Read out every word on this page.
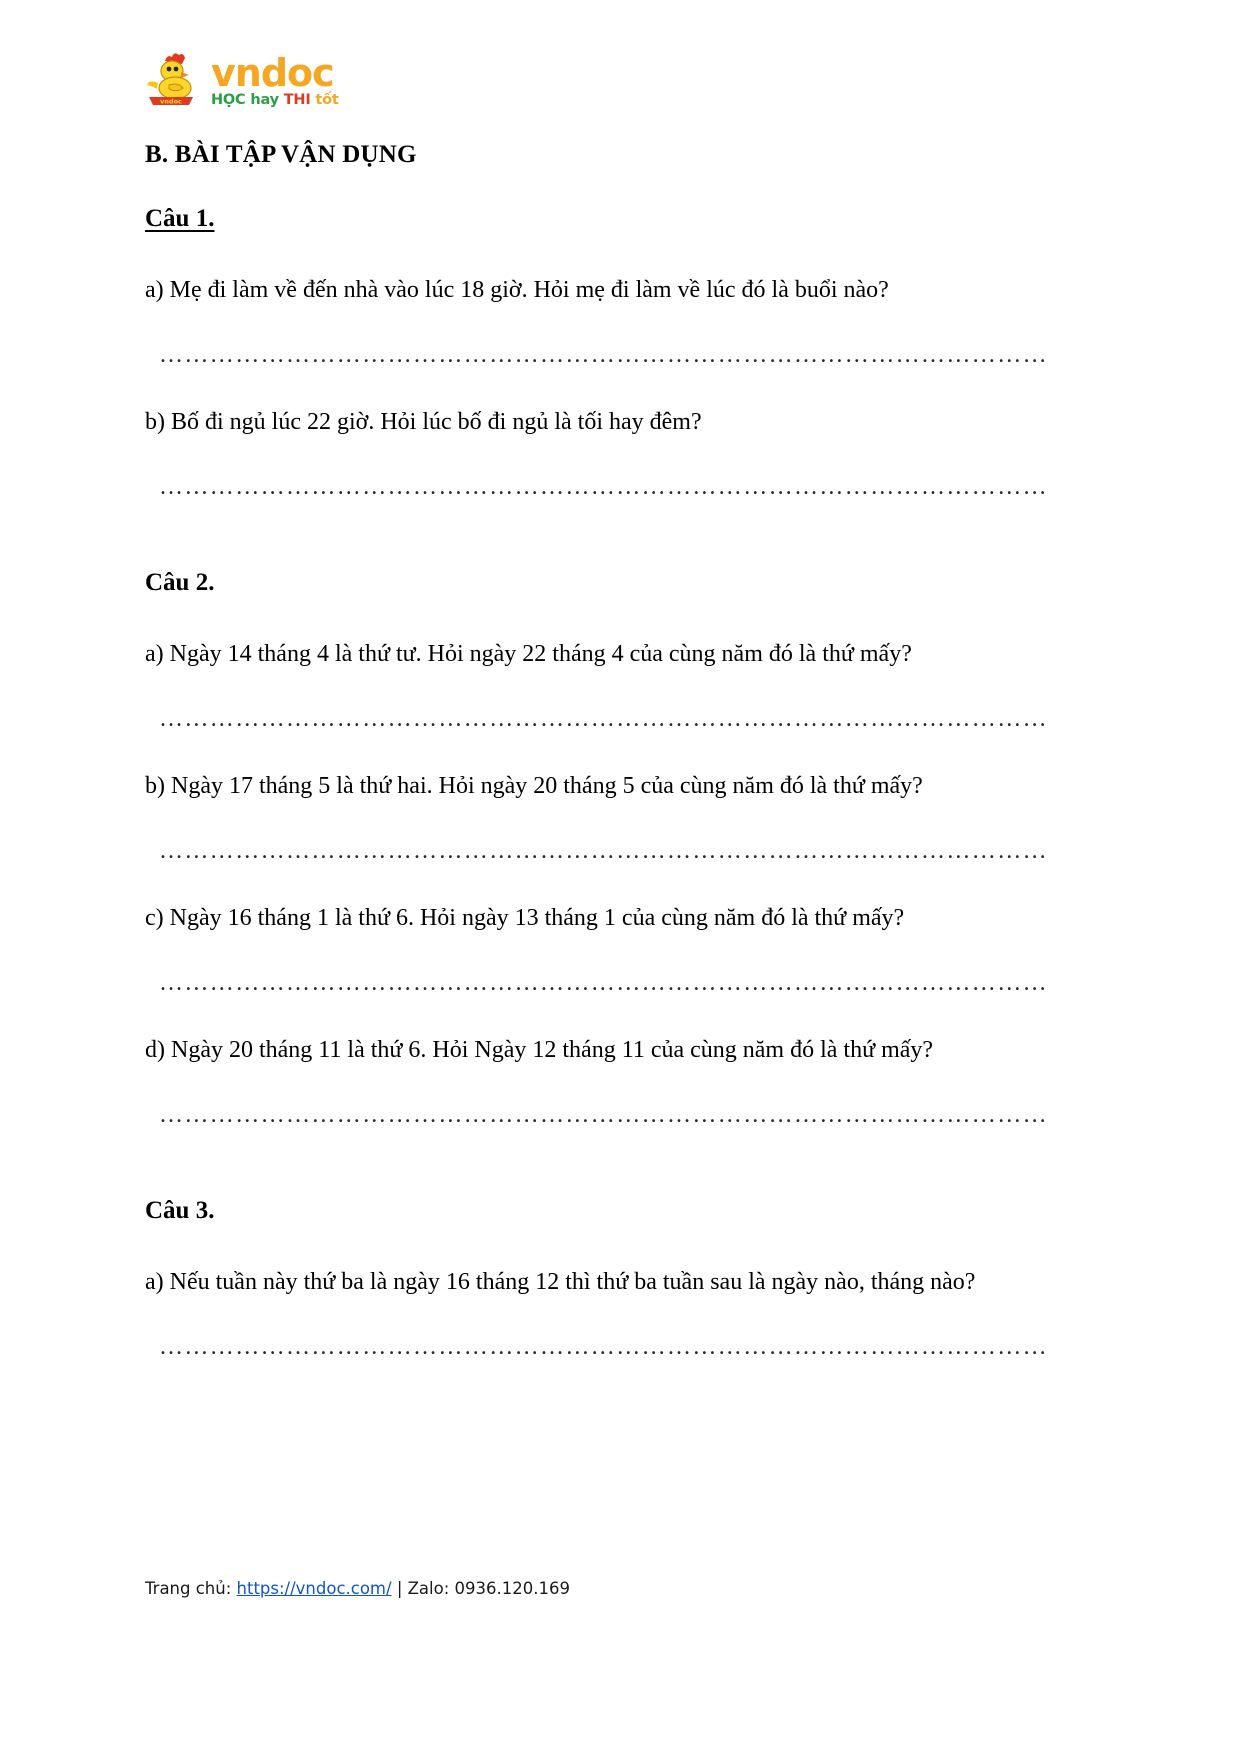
vndoc
vndoc
HỌC hay THI tốt
B. BÀI TẬP VẬN DỤNG
Câu 1.

a) Mẹ đi làm về đến nhà vào lúc 18 giờ. Hỏi mẹ đi làm về lúc đó là buổi nào?

……………………………………………………………………………………………

b) Bố đi ngủ lúc 22 giờ. Hỏi lúc bố đi ngủ là tối hay đêm?

……………………………………………………………………………………………
Câu 2.

a) Ngày 14 tháng 4 là thứ tư. Hỏi ngày 22 tháng 4 của cùng năm đó là thứ mấy?

……………………………………………………………………………………………

b) Ngày 17 tháng 5 là thứ hai. Hỏi ngày 20 tháng 5 của cùng năm đó là thứ mấy?

……………………………………………………………………………………………

c) Ngày 16 tháng 1 là thứ 6. Hỏi ngày 13 tháng 1 của cùng năm đó là thứ mấy?

……………………………………………………………………………………………

d) Ngày 20 tháng 11 là thứ 6. Hỏi Ngày 12 tháng 11 của cùng năm đó là thứ mấy?

……………………………………………………………………………………………
Câu 3.

a) Nếu tuần này thứ ba là ngày 16 tháng 12 thì thứ ba tuần sau là ngày nào, tháng nào?

……………………………………………………………………………………………
Trang chủ: https://vndoc.com/ | Zalo: 0936.120.169
